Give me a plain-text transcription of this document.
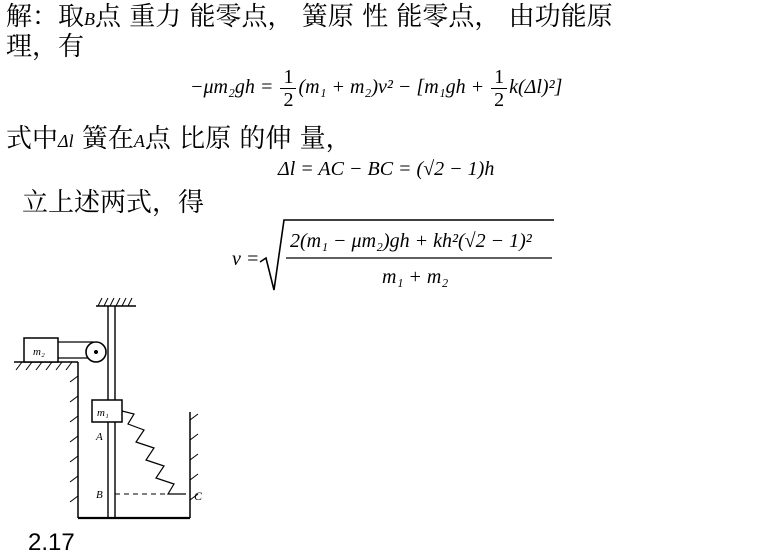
解：取B点 重力 能零点， 簧原 性 能零点， 由功能原
理，有
$-\mu m_2gh = \frac{1}{2} (m_1 + m_2)v^2 - [m_1gh + \frac{1}{2} k(\Delta l)^2]$
式中Δl 簧在A点 比原 的伸 量，
Δl = AC − BC = (√2 − 1)h
立上述两式，得
v =
2(m₁ − μm₂)gh + kh²(√2 − 1)²
m₁ + m₂
m₂
m₁
A
B	C
2.17
